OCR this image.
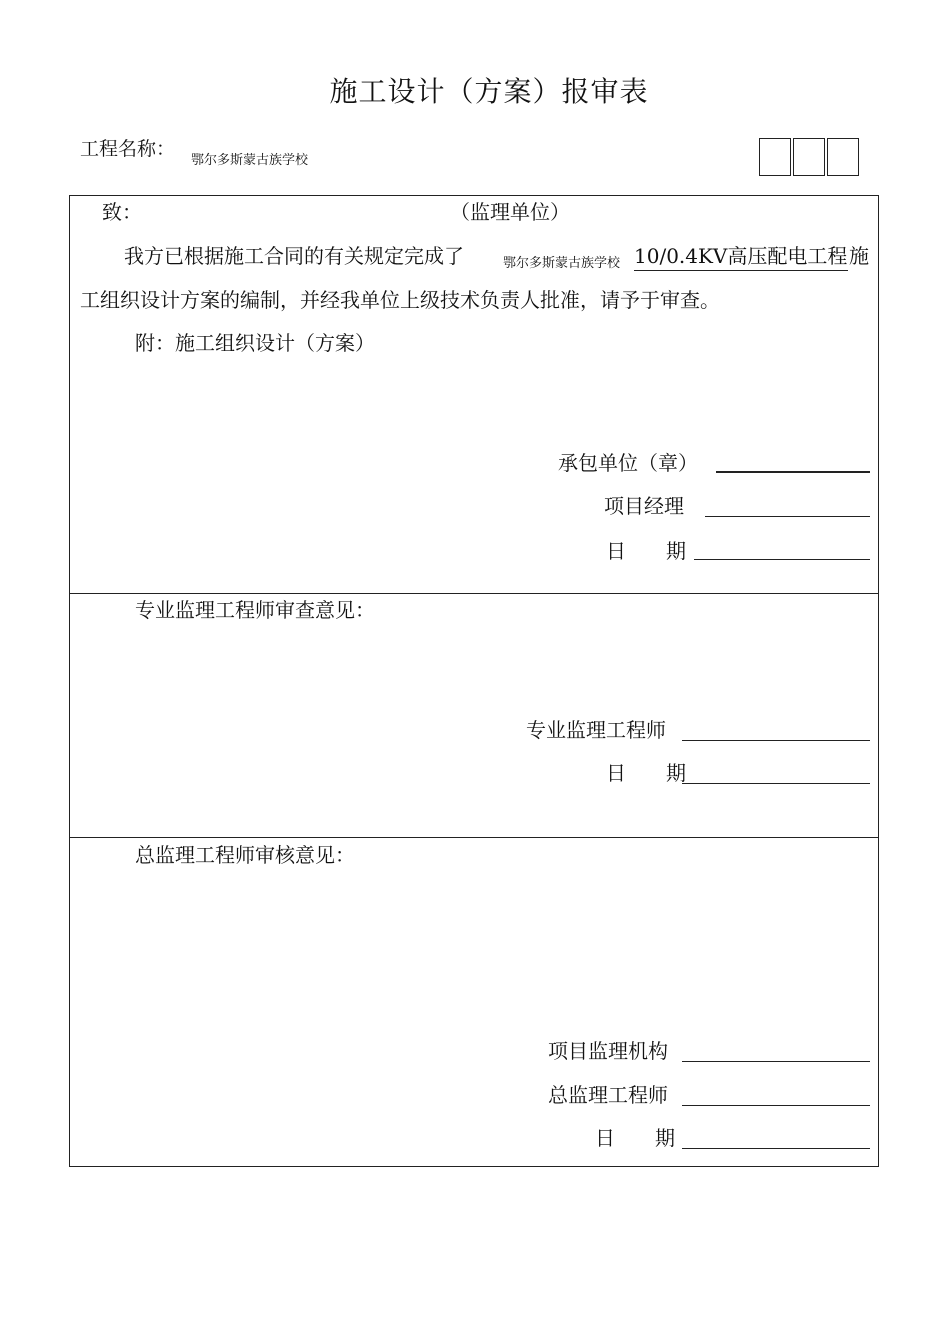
施工设计（方案）报审表
工程名称：
鄂尔多斯蒙古族学校
致：	（监理单位）
我方已根据施工合同的有关规定完成了	鄂尔多斯蒙古族学校 10/0.4KV高压配电工程 施
工组织设计方案的编制，并经我单位上级技术负责人批准，请予于审查。
附：施工组织设计（方案）
承包单位（章）
项目经理
日　　期
专业监理工程师审查意见：
专业监理工程师
日　　期
总监理工程师审核意见：
项目监理机构
总监理工程师
日　　期
